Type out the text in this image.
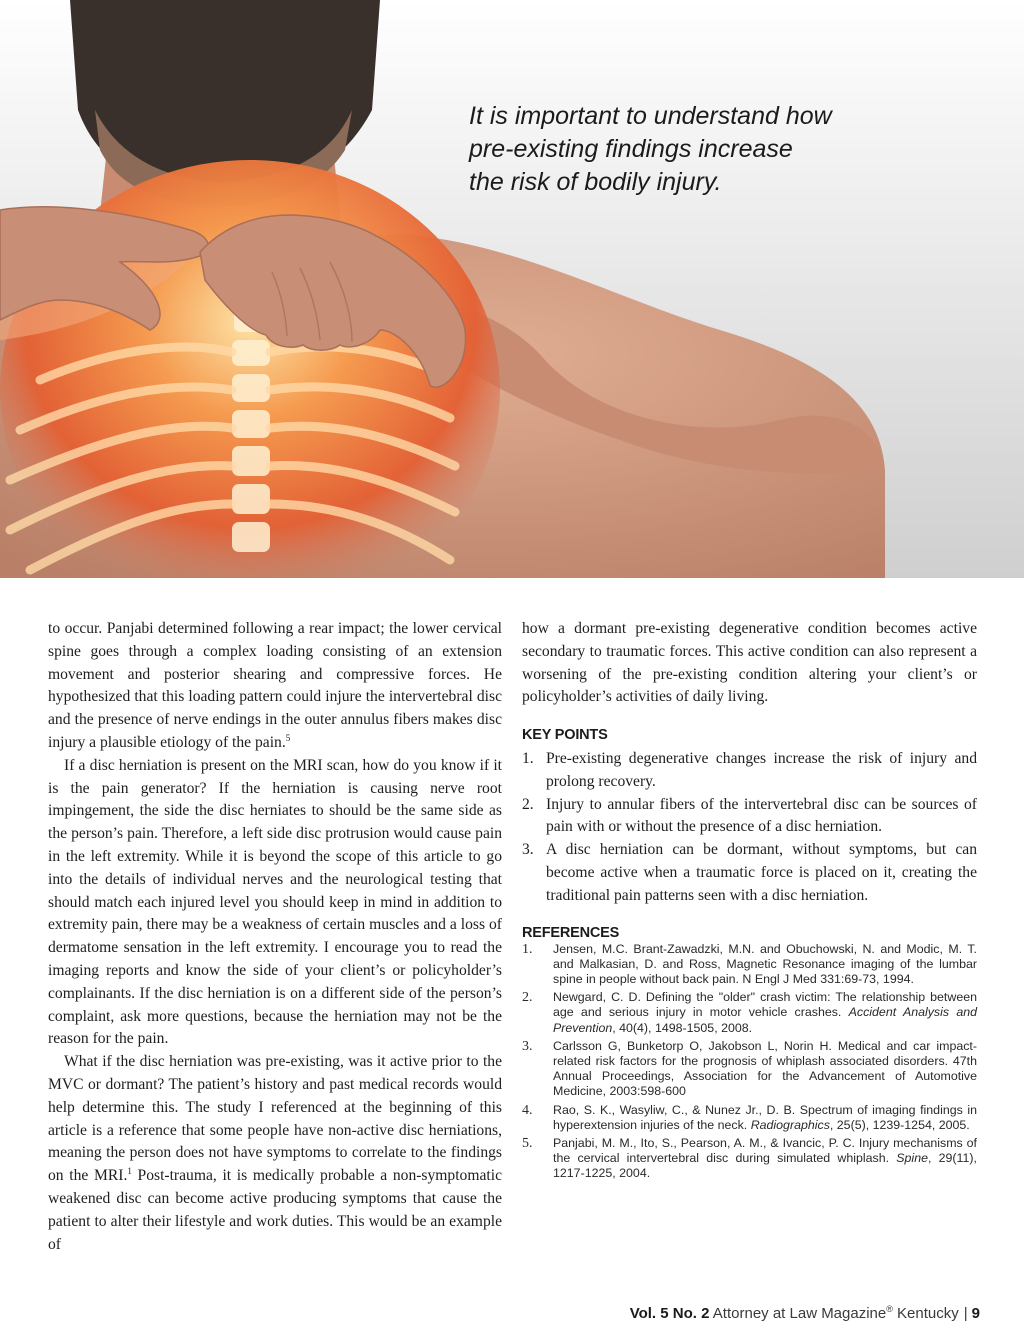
It is important to understand how
pre-existing findings increase
the risk of bodily injury.

to occur. Panjabi determined following a rear impact; the lower cervical spine goes through a complex loading consisting of an extension movement and posterior shearing and compressive forces. He hypothesized that this loading pattern could injure the intervertebral disc and the presence of nerve endings in the outer annulus fibers makes disc injury a plausible etiology of the pain.$^5$

If a disc herniation is present on the MRI scan, how do you know if it is the pain generator? If the herniation is causing nerve root impingement, the side the disc herniates to should be the same side as the person’s pain. Therefore, a left side disc protrusion would cause pain in the left extremity. While it is beyond the scope of this article to go into the details of individual nerves and the neurological testing that should match each injured level you should keep in mind in addition to extremity pain, there may be a weakness of certain muscles and a loss of dermatome sensation in the left extremity. I encourage you to read the imaging reports and know the side of your client’s or policyholder’s complainants. If the disc herniation is on a different side of the person’s complaint, ask more questions, because the herniation may not be the reason for the pain.

What if the disc herniation was pre-existing, was it active prior to the MVC or dormant? The patient’s history and past medical records would help determine this. The study I referenced at the beginning of this article is a reference that some people have non-active disc herniations, meaning the person does not have symptoms to correlate to the findings on the MRI.$^1$ Post-trauma, it is medically probable a non-symptomatic weakened disc can become active producing symptoms that cause the patient to alter their lifestyle and work duties. This would be an example of

how a dormant pre-existing degenerative condition becomes active secondary to traumatic forces. This active condition can also represent a worsening of the pre-existing condition altering your client’s or policyholder’s activities of daily living.

KEY POINTS
1. Pre-existing degenerative changes increase the risk of injury and prolong recovery.
2. Injury to annular fibers of the intervertebral disc can be sources of pain with or without the presence of a disc herniation.
3. A disc herniation can be dormant, without symptoms, but can become active when a traumatic force is placed on it, creating the traditional pain patterns seen with a disc herniation.
REFERENCES
1.	Jensen, M.C. Brant-Zawadzki, M.N. and Obuchowski, N. and Modic, M. T. and Malkasian, D. and Ross, Magnetic Resonance imaging of the lumbar spine in people without back pain. N Engl J Med 331:69-73, 1994.
2.	Newgard, C. D. Defining the "older" crash victim: The relationship between age and serious injury in motor vehicle crashes. Accident Analysis and Prevention, 40(4), 1498-1505, 2008.
3.	Carlsson G, Bunketorp O, Jakobson L, Norin H. Medical and car impact-related risk factors for the prognosis of whiplash associated disorders. 47th Annual Proceedings, Association for the Advancement of Automotive Medicine, 2003:598-600
4.	Rao, S. K., Wasyliw, C., & Nunez Jr., D. B. Spectrum of imaging findings in hyperextension injuries of the neck. Radiographics, 25(5), 1239-1254, 2005.
5.	Panjabi, M. M., Ito, S., Pearson, A. M., & Ivancic, P. C. Injury mechanisms of the cervical intervertebral disc during simulated whiplash. Spine, 29(11), 1217-1225, 2004.
Vol. 5 No. 2 Attorney at Law Magazine® Kentucky | 9
